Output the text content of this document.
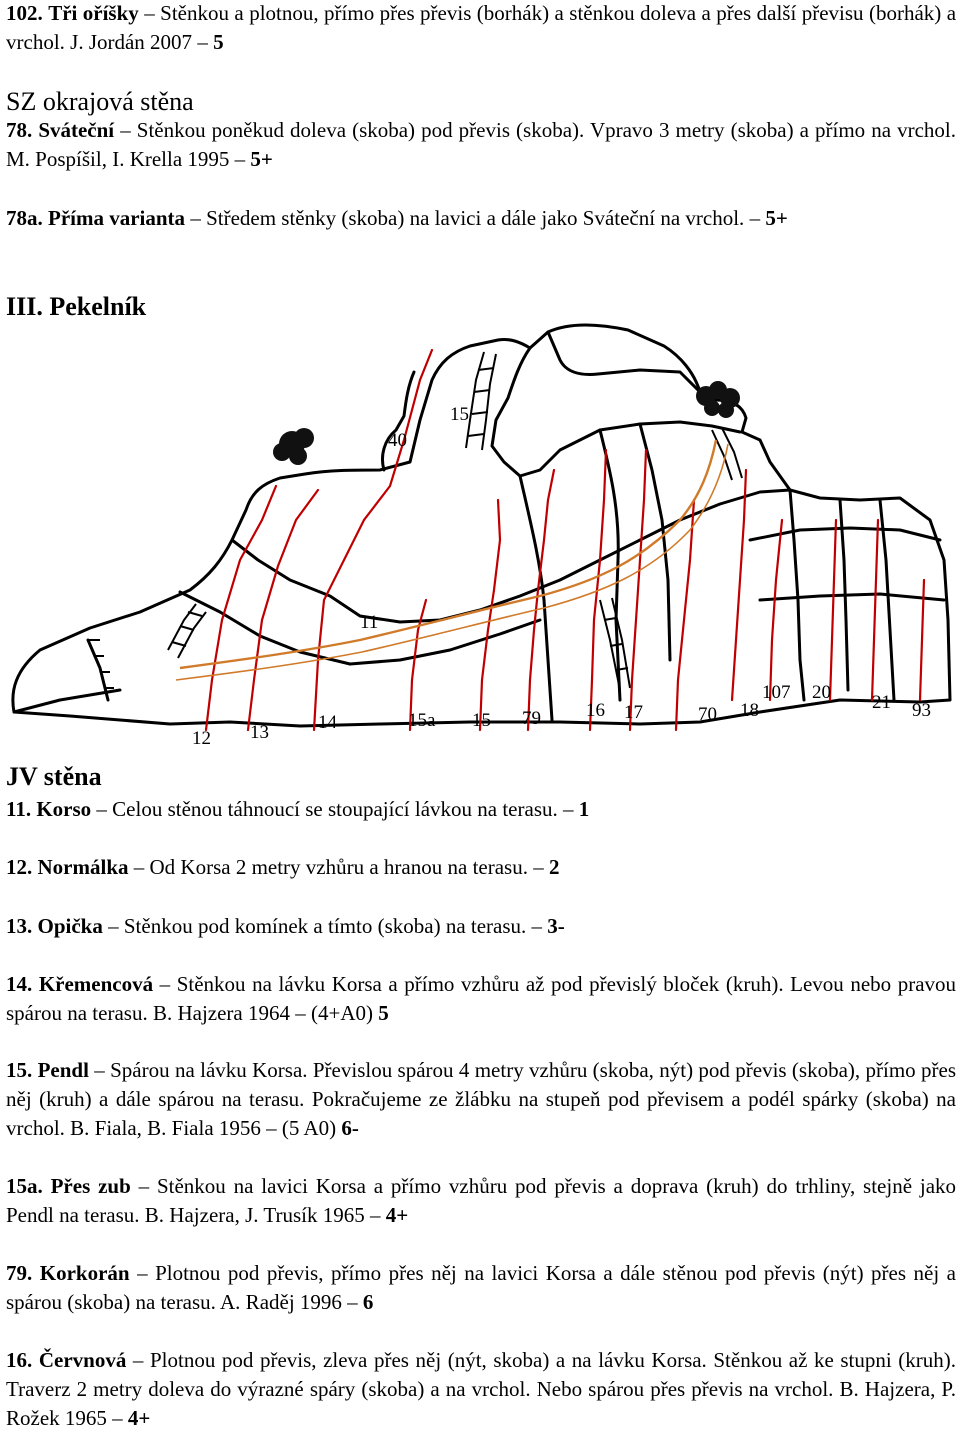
102. Tři oříšky – Stěnkou a plotnou, přímo přes převis (borhák) a stěnkou doleva a přes další převisu (borhák) a vrchol. J. Jordán 2007 – 5
SZ okrajová stěna
78. Sváteční – Stěnkou poněkud doleva (skoba) pod převis (skoba). Vpravo 3 metry (skoba) a přímo na vrchol. M. Pospíšil, I. Krella 1995 – 5+
78a. Příma varianta – Středem stěnky (skoba) na lavici a dále jako Sváteční na vrchol. – 5+
III. Pekelník
JV stěna
11. Korso – Celou stěnou táhnoucí se stoupající lávkou na terasu. – 1
12. Normálka – Od Korsa 2 metry vzhůru a hranou na terasu. – 2
13. Opička – Stěnkou pod komínek a tímto (skoba) na terasu. – 3-
14. Křemencová – Stěnkou na lávku Korsa a přímo vzhůru až pod převislý bloček (kruh). Levou nebo pravou spárou na terasu. B. Hajzera 1964 – (4+A0) 5
15. Pendl – Spárou na lávku Korsa. Převislou spárou 4 metry vzhůru (skoba, nýt) pod převis (skoba), přímo přes něj (kruh) a dále spárou na terasu. Pokračujeme ze žlábku na stupeň pod převisem a podél spárky (skoba) na vrchol. B. Fiala, B. Fiala 1956 – (5 A0) 6-
15a. Přes zub – Stěnkou na lavici Korsa a přímo vzhůru pod převis a doprava (kruh) do trhliny, stejně jako Pendl na terasu. B. Hajzera, J. Trusík 1965 – 4+
79. Korkorán – Plotnou pod převis, přímo přes něj na lavici Korsa a dále stěnou pod převis (nýt) přes něj a spárou (skoba) na terasu. A. Raděj 1996 – 6
16. Červnová – Plotnou pod převis, zleva přes něj (nýt, skoba) a na lávku Korsa. Stěnkou až ke stupni (kruh). Traverz 2 metry doleva do výrazné spáry (skoba) a na vrchol. Nebo spárou přes převis na vrchol. B. Hajzera, P. Rožek 1965 – 4+
15
40
11
12 13	14	15a 15 79 16 17	70 18
107 20 21 93
